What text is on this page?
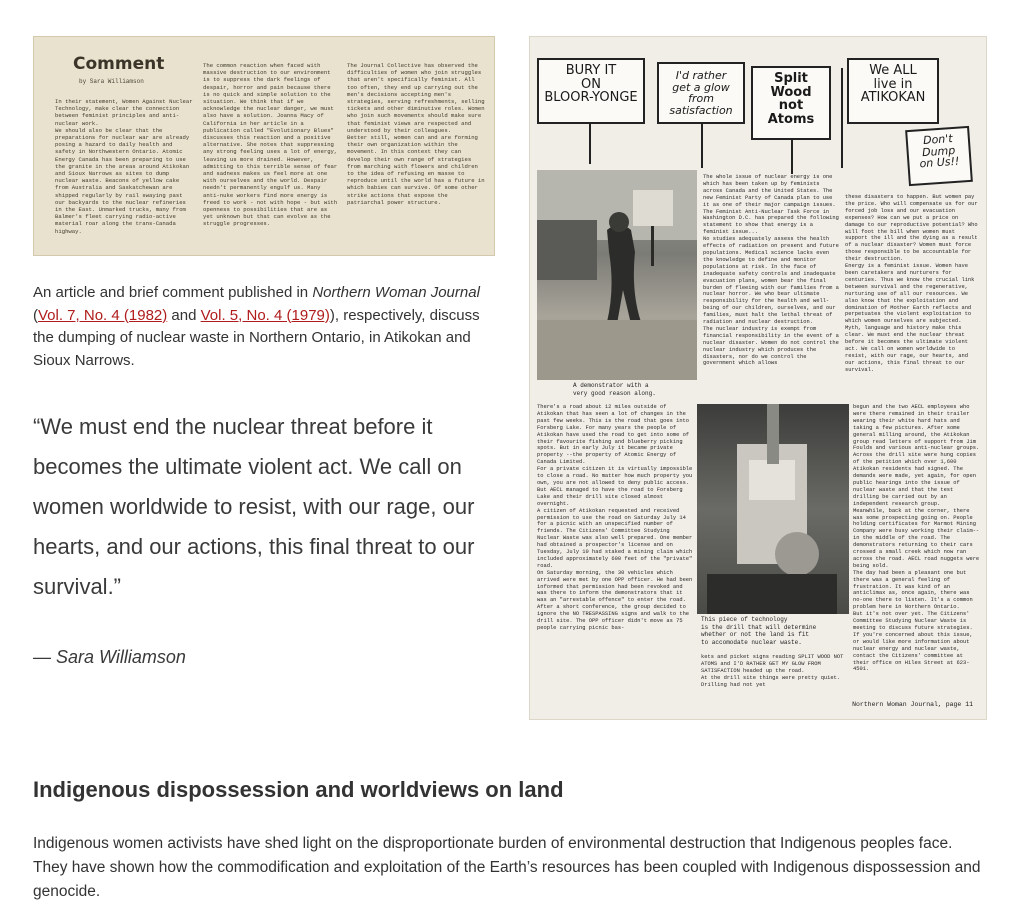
Comment
by Sara Williamson
In their statement, Women Against Nuclear Technology, make clear the connection between feminist principles and anti-nuclear work.
We should also be clear that the preparations for nuclear war are already posing a hazard to daily health and safety in Northwestern Ontario. Atomic Energy Canada has been preparing to use the granite in the areas around Atikokan and Sioux Narrows as sites to dump nuclear waste. Beacons of yellow cake from Australia and Saskatchewan are shipped regularly by rail swaying past our backyards to the nuclear refineries in the East. Unmarked trucks, many from Balmer's fleet carrying radio-active material roar along the trans-Canada highway.
The common reaction when faced with massive destruction to our environment is to suppress the dark feelings of despair, horror and pain because there is no quick and simple solution to the situation. We think that if we acknowledge the nuclear danger, we must also have a solution. Joanna Macy of California in her article in a publication called "Evolutionary Blues" discusses this reaction and a positive alternative. She notes that suppressing any strong feeling uses a lot of energy, leaving us more drained. However, admitting to this terrible sense of fear and sadness makes us feel more at one with ourselves and the world. Despair needn't permanently engulf us. Many anti-nuke workers find more energy is freed to work - not with hope - but with openness to possibilities that are as yet unknown but that can evolve as the struggle progresses.
The Journal Collective has observed the difficulties of women who join struggles that aren't specifically feminist. All too often, they end up carrying out the men's decisions accepting men's strategies, serving refreshments, selling tickets and other diminutive roles. Women who join such movements should make sure that feminist views are respected and understood by their colleagues.
Better still, women can and are forming their own organization within the movement. In this context they can develop their own range of strategies from marching with flowers and children to the idea of refusing en masse to reproduce until the world has a future in which babies can survive. Of some other strike actions that expose the patriarchal power structure.
An article and brief comment published in Northern Woman Journal (Vol. 7, No. 4 (1982) and Vol. 5, No. 4 (1979)), respectively, discuss the dumping of nuclear waste in Northern Ontario, in Atikokan and Sioux Narrows.
“We must end the nuclear threat before it becomes the ultimate violent act. We call on women worldwide to resist, with our rage, our hearts, and our actions, this final threat to our survival.”
— Sara Williamson
BURY IT
ON
BLOOR-YONGE
I'd rather
get a glow
from satisfaction
Split
Wood
not
Atoms
We ALL
live in
ATIKOKAN
Don't
Dump
on Us!!
A demonstrator with a
very good reason along.
The whole issue of nuclear energy is one which has been taken up by feminists across Canada and the United States. The new Feminist Party of Canada plan to use it as one of their major campaign issues. The Feminist Anti-Nuclear Task Force in Washington D.C. has prepared the following statement to show that energy is a feminist issue...
No studies adequately assess the health effects of radiation on present and future populations. Medical science lacks even the knowledge to define and monitor populations at risk. In the face of inadequate safety controls and inadequate evacuation plans, women bear the final burden of fleeing with our families from a nuclear horror. We who bear ultimate responsibility for the health and well-being of our children, ourselves, and our families, must halt the lethal threat of radiation and nuclear destruction.
The nuclear industry is exempt from financial responsibility in the event of a nuclear disaster. Women do not control the nuclear industry which produces the disasters, nor do we control the government which allows
these disasters to happen. But women pay the price. Who will compensate us for our forced job loss and our evacuation expenses? How can we put a price on damage to our reproductive potential? Who will foot the bill when women must support the ill and the dying as a result of a nuclear disaster? Women must force those responsible to be accountable for their destruction.
Energy is a feminist issue. Women have been caretakers and nurturers for centuries. Thus we know the crucial link between survival and the regenerative, nurturing use of all our resources. We also know that the exploitation and domination of Mother Earth reflects and perpetuates the violent exploitation to which women ourselves are subjected. Myth, language and history make this clear. We must end the nuclear threat before it becomes the ultimate violent act. We call on women worldwide to resist, with our rage, our hearts, and our actions, this final threat to our survival.
There's a road about 12 miles outside of Atikokan that has seen a lot of changes in the past few weeks. This is the road that goes into Forsberg Lake. For many years the people of Atikokan have used the road to get into some of their favourite fishing and blueberry picking spots. But in early July it became private property --the property of Atomic Energy of Canada Limited.
For a private citizen it is virtually impossible to close a road. No matter how much property you own, you are not allowed to deny public access. But AECL managed to have the road to Forsberg Lake and their drill site closed almost overnight.
A citizen of Atikokan requested and received permission to use the road on Saturday July 14 for a picnic with an unspecified number of friends. The Citizens' Committee Studying Nuclear Waste was also well prepared. One member had obtained a prospector's license and on Tuesday, July 10 had staked a mining claim which included approximately 600 feet of the "private" road.
On Saturday morning, the 30 vehicles which arrived were met by one OPP officer. He had been informed that permission had been revoked and was there to inform the demonstrators that it was an "arrestable offence" to enter the road. After a short conference, the group decided to ignore the NO TRESPASSING signs and walk to the drill site. The OPP officer didn't move as 75 people carrying picnic bas-
This piece of technology
is the drill that will determine
whether or not the land is fit
to accomodate nuclear waste.
kets and picket signs reading SPLIT WOOD NOT ATOMS and I'D RATHER GET MY GLOW FROM SATISFACTION headed up the road.
At the drill site things were pretty quiet. Drilling had not yet
begun and the two AECL employees who were there remained in their trailer wearing their white hard hats and taking a few pictures. After some general milling around, the Atikokan group read letters of support from Jim Foulds and various anti-nuclear groups. Across the drill site were hung copies of the petition which over 1,600 Atikokan residents had signed. The demands were made, yet again, for open public hearings into the issue of nuclear waste and that the test drilling be carried out by an independent research group.
Meanwhile, back at the corner, there was some prospecting going on. People holding certificates for Marmot Mining Company were busy working their claim--in the middle of the road. The demonstrators returning to their cars crossed a small creek which now ran across the road. AECL road nuggets were being sold.
The day had been a pleasant one but there was a general feeling of frustration. It was kind of an anticlimax as, once again, there was no-one there to listen. It's a common problem here in Northern Ontario.
But it's not over yet. The Citizens' Committee Studying Nuclear Waste is meeting to discuss future strategies. If you're concerned about this issue, or would like more information about nuclear energy and nuclear waste, contact the Citizens' committee at their office on Hiles Street at 623-4501.
Northern Woman Journal, page 11
Indigenous dispossession and worldviews on land
Indigenous women activists have shed light on the disproportionate burden of environmental destruction that Indigenous peoples face. They have shown how the commodification and exploitation of the Earth’s resources has been coupled with Indigenous dispossession and genocide.
